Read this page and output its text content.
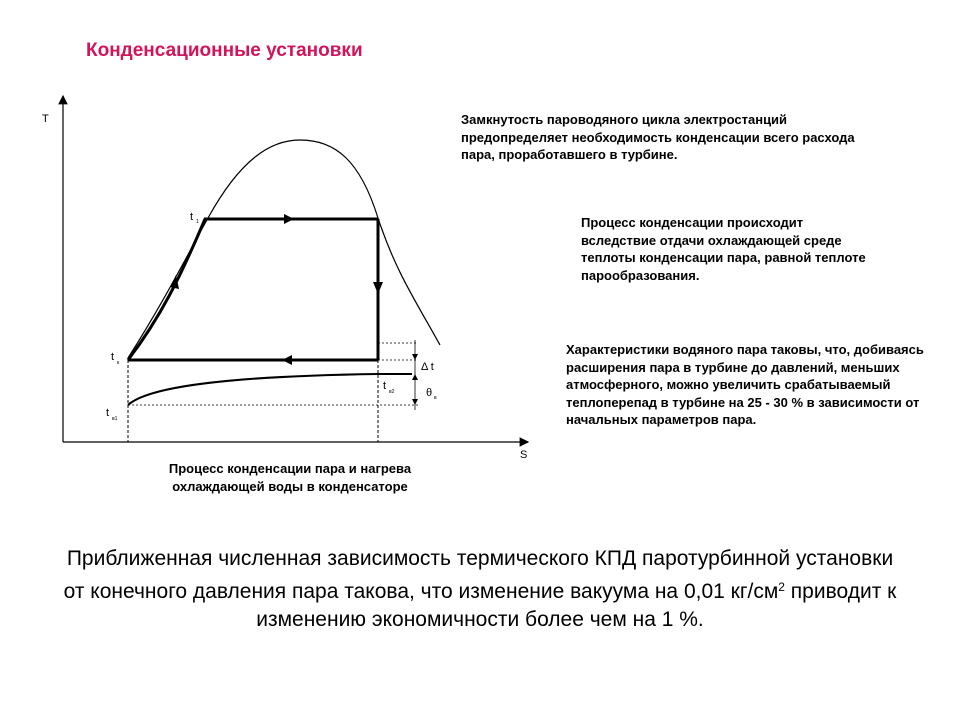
Конденсационные установки
T
S
t 1
t к
t в1
t в2
Δ t
θ в
Замкнутость пароводяного цикла электростанций предопределяет необходимость конденсации всего расхода пара, проработавшего в турбине.
Процесс конденсации происходит вследствие отдачи охлаждающей среде теплоты конденсации пара, равной теплоте парообразования.
Характеристики водяного пара таковы, что, добиваясь расширения пара в турбине до давлений, меньших атмосферного, можно увеличить срабатываемый теплоперепад в турбине на 25 - 30 % в зависимости от начальных параметров пара.
Процесс конденсации пара и нагрева охлаждающей воды в конденсаторе
Приближенная численная зависимость термического КПД паротурбинной установки от конечного давления пара такова, что изменение вакуума на 0,01 $кг/см^2$ приводит к изменению экономичности более чем на 1 %.
